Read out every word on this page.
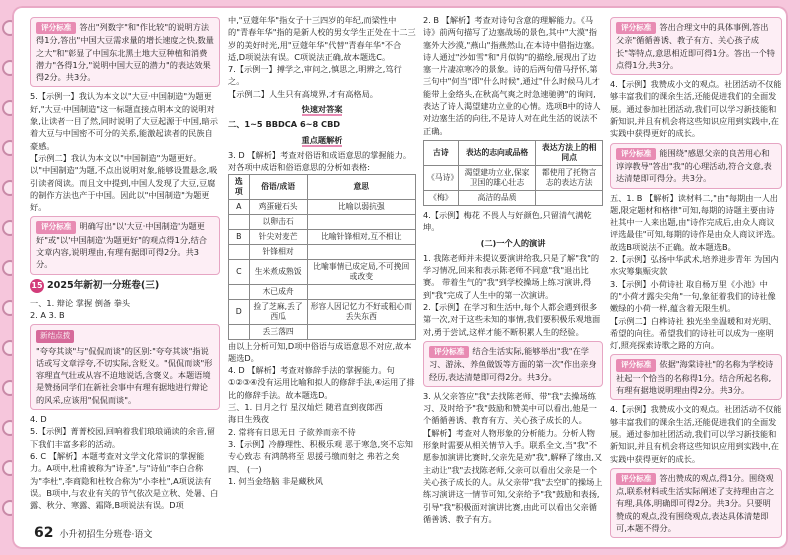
评分标准 答出"列数字"和"作比较"的说明方法得1分,答出"中国大豆需求量的增长速度之快,数量之大"和"彰显了中国东北黑土地大豆种植和消费潜力"各得1分,"说明中国大豆的潜力"的表达效果得2分。共3分。
5.【示例一】我认为本文以"大豆·中国制造"为题更好,"大豆·中国制造"这一标题直接点明本文的说明对象,让读者一目了然,同时说明了大豆起源于中国,暗示着大豆与中国密不可分的关系,能激起读者的民族自豪感。
【示例二】我认为本文以"中国制造"为题更好。以"中国制造"为题,不点出说明对象,能够设置悬念,吸引读者阅读。而且文中提到,中国人发现了大豆,豆腐的制作方法也产于中国。因此以"中国制造"为题更好。
评分标准 明确写出"以'大豆·中国制造'为题更好"或"以'中国制造'为题更好"的观点得1分,结合文章内容,说明理由,有理有据即可得2分。共3分。
15 2025年新初一分班卷(三)
一、1. 辩论 掌握 倒备 拳头
2. A 3. B
新结点拨
"夸夸其谈"与"侃侃而谈"的区别:"夸夸其谈"指说话或写文章浮夸,不切实际,含贬义。"侃侃而谈"形容理直气壮或从容不迫地说话,含褒义。本题语境是赞扬同学们在新社会事中有理有据地进行辩论的风采,应该用"侃侃而谈"。
4. D
5.【示例】菁菁校园,回响着我们琅琅诵读的余音,留下我们丰富多彩的活动。
6. C 【解析】本题考查对文学文化常识的掌握能力。A项中,杜甫被称为"诗圣",与"诗仙"李白合称为"李杜",李商隐和杜牧合称为"小李杜",A项说法有误。B项中,与农业有关的节气依次是立秋、处暑、白露、秋分、寒露、霜降,B项说法有误。D项
中,"豆蔻年华"指女子十三四岁的年纪,而梁性中的"青春年华"指的是新人校的男女学生正处在十二三岁的美好时光,用"豆蔻年华"代替"青春年华"不合适,D项说法有误。C项说法正确,故本题选C。
7.【示例一】搏学之,审问之,慎思之,明辨之,笃行之。
【示例二】人生只有高境界,才有高格局。
快速对答案
二、1~5 BBDCA 6~8 CBD
重点题解析
3. D 【解析】考查对俗语和成语意思的掌握能力。对各项中成语和俗语意思的分析如表格:
选项	俗语/成语	意思
A	鸡蛋碰石头	比喻以弱抗强
	以卵击石	
B	针尖对麦芒	比喻针锋相对,互不相让
	针锋相对	
C	生米煮成熟饭	比喻事情已成定局,不可挽回或改变
	木已成舟	
D	捡了芝麻,丢了西瓜	形容人因记忆力不好或粗心而丢失东西
	丢三落四	
由以上分析可知,D项中俗语与成语意思不对应,故本题选D。
4. D 【解析】考查对修辞手法的掌握能力。句①②③④没有运用比喻和拟人的修辞手法,④运用了排比的修辞手法。故本题选D。
三、1. 日月之行 星汉灿烂 随君直到夜郎西
海日生残夜
2. 常将有日思无日 子欲养而亲不待
3.【示例】冷静理性、积极乐观 恶于寒急,突不忘知 专心致志 有鸿鹄将至 思援弓缴而射之 弗若之矣
四、 (一)
1. 何当金络脑 非是藏秋风
2. B 【解析】考查对诗句含意的理解能力。《马诗》前两句描写了边塞战场的景色,其中"大漠"指塞外大沙漠,"燕山"指燕然山,在本诗中借指边塞。诗人通过"沙如雪"和"月似钩"的描绘,展现出了边塞一片凄凉寒冷的景象。诗的后两句借马抒怀,第三句中"何当"即"什么时候",通过"什么时候马儿才能带上金络头,在秋高气爽之时急速驰骋"的询问,表达了诗人渴望建功立业的心情。选项B中的诗人对边塞生活的向往,不是诗人对在此生活的说法不正确。
古诗	表达的志向或品格	表达方法上的相同点
《马诗》	渴望建功立业,保家卫国的雄心壮志	都使用了托物言志的表达方法
《梅》	高洁的品质	
4.【示例】梅花 不畏人与好颜色,只留清气满乾坤。
(二)一个人的演讲
1. 我陈老师并未提议要演讲给我,只是了解"我"的学习情况,回来和表示陈老师不同意"我"退出比赛。 带着生气的"我"到学校操场上练习演讲,得到"我"完成了人生中的第一次演讲。
2.【示例】在学习和生活中,每个人都会遇到很多第一次,对于这些未知的事情,我们要积极乐观地面对,勇于尝试,这样才能不断积累人生的经验。
评分标准 结合生活实际,能够举出"我"在学习、游泳、养鱼做饭等方面的第一次"作出亲身经历,表达清楚即可得2分。共3分。
3. 从父亲答应"我"去找陈老师、带"我"去操场练习、及时给予"我"鼓励和赞美中可以看出,他是一个循循善诱、教育有方、关心孩子成长的人。
【解析】考查对人物形象的分析能力。分析人物形象时需要从相关情节入手。联系全文,当"我"不愿参加演讲比赛时,父亲先是劝"我",解释了缘由,又主动让"我"去找陈老师,父亲可以看出父亲是一个关心孩子成长的人。从父亲带"我"去空旷的操场上练习演讲这一情节可知,父亲给予"我"鼓励和表扬,引导"我"积极面对演讲比赛,由此可以看出父亲循循善诱、教子有方。
评分标准 答出合理文中的具体事例,答出父亲"循循善诱、教子有方、关心孩子成长"等特点,意思相近即可得1分。答出一个特点得1分,共3分。
4.【示例】我赞成小文的观点。社团活动不仅能够丰富我们的课余生活,还能促进我们的全面发展。通过参加社团活动,我们可以学习新技能和新知识,并且有机会将这些知识应用到实践中,在实践中获得更好的成长。
评分标准 能围绕"感恩父亲的良苦用心和谆谆教导"答出"我"的心理活动,符合文意,表达清楚即可得分。共3分。
五、1. B 【解析】读材料二,"由"每期由一人出题,限定题材和格律"可知,每期的诗题主要由诗社其中一人来出题,由"诗作完成后,由众人商议评选最佳"可知,每期的诗作是由众人商议评选。故选B项说法不正确。故本题选B。
2.【示例】弘扬中华武术,培养进步青年 为国内水灾筹集赈灾款
3.【示例】小荷诗社 取自杨万里《小池》中的"小荷才露尖尖角"一句,象征着我们的诗社像嫩绿的小荷一样,蕴含着无限生机。
【示例二】白桦诗社 独光坐坐温暖和对光明、希望的向往。希望我们的诗社可以成为一座明灯,照亮探索诗歌之路的方向。
评分标准 依据"海棠诗社"的名称为学校诗社起一个恰当的名称得1分。结合所起名称,有理有据地说明理由得2分。共3分。
4.【示例】我赞成小文的观点。社团活动不仅能够丰富我们的课余生活,还能促进我们的全面发展。通过参加社团活动,我们可以学习新技能和新知识,并且有机会将这些知识应用到实践中,在实践中获得更好的成长。
评分标准 答出赞成的观点,得1分。围绕观点,联系材料或生活实际阐述了支持理由言之有理,具体,明确即可得2分。共3分。只要明赞成的观点,没有围绕观点,表达具体清楚即可,本题不得分。
62 小升初招生分班卷·语文
